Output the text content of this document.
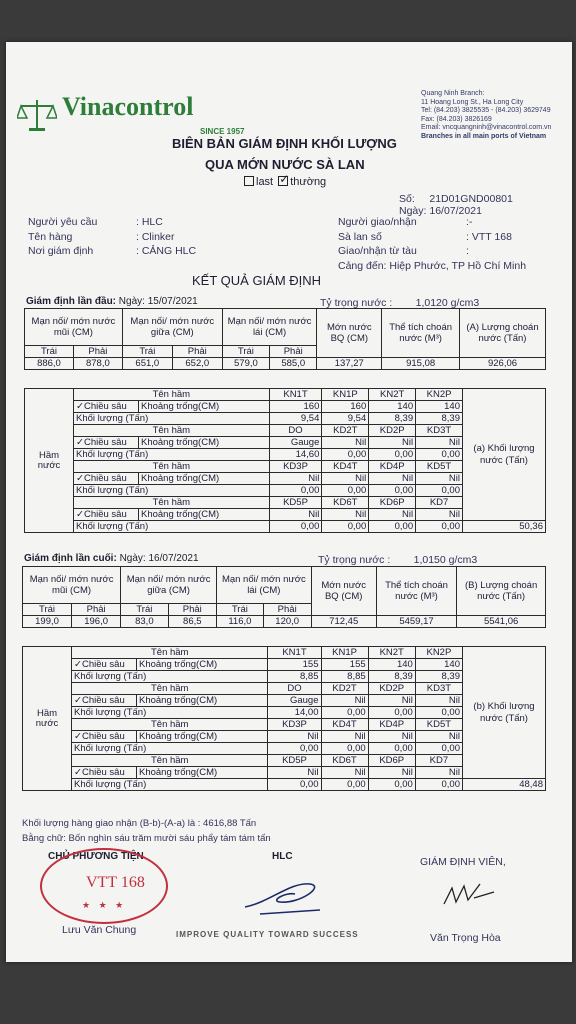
Vinacontrol
SINCE 1957
Quang Ninh Branch:
11 Hoang Long St., Ha Long City
Tel: (84.203) 3825535 - (84.203) 3629749
Fax: (84.203) 3826169
Email: vncquangninh@vinacontrol.com.vn
Branches in all main ports of Vietnam
BIÊN BẢN GIÁM ĐỊNH KHỐI LƯỢNG
QUA MỚN NƯỚC SÀ LAN
last ✓ thường
Số: 21D01GND00801
Ngày: 16/07/2021
Người yêu cầu	: HLC
Tên hàng	: Clinker
Nơi giám định	: CẢNG HLC
Người giao/nhận	:-
Sà lan số	: VTT 168
Giao/nhận từ tàu	:
Cảng đến: Hiệp Phước, TP Hồ Chí Minh
KẾT QUẢ GIÁM ĐỊNH
Giám định lần đầu: Ngày: 15/07/2021	Tỷ trọng nước : 1,0120 g/cm3
Mạn nối/ mớn nước mũi (CM)		Mạn nối/ mớn nước giữa (CM)		Mạn nối/ mớn nước lái (CM)		Mớn nước BQ (CM)	Thể tích choán nước (M³)	(A) Lượng choán nước (Tấn)
Trái	Phải	Trái	Phải	Trái	Phải			
886,0	878,0	651,0	652,0	579,0	585,0	137,27	915,08	926,06
Hầm nước	Tên hầm		KN1T	KN1P	KN2T	KN2P	(a) Khối lượng nước (Tấn)
	✓Chiều sâu	Khoảng trống(CM)	160	160	140	140	
	Khối lượng (Tấn)		9,54	9,54	8,39	8,39	
	Tên hầm		DO	KD2T	KD2P	KD3T	
	✓Chiều sâu	Khoảng trống(CM)	Gauge	Nil	Nil	Nil	
	Khối lượng (Tấn)		14,60	0,00	0,00	0,00	
	Tên hầm		KD3P	KD4T	KD4P	KD5T	
	✓Chiều sâu	Khoảng trống(CM)	Nil	Nil	Nil	Nil	
	Khối lượng (Tấn)		0,00	0,00	0,00	0,00	
	Tên hầm		KD5P	KD6T	KD6P	KD7	
	✓Chiều sâu	Khoảng trống(CM)	Nil	Nil	Nil	Nil	
	Khối lượng (Tấn)		0,00	0,00	0,00	0,00	50,36
Giám định lần cuối: Ngày: 16/07/2021	Tỷ trọng nước : 1,0150 g/cm3
Mạn nối/ mớn nước mũi (CM)		Mạn nối/ mớn nước giữa (CM)		Mạn nối/ mớn nước lái (CM)		Mớn nước BQ (CM)	Thể tích choán nước (M³)	(B) Lượng choán nước (Tấn)
Trái	Phải	Trái	Phải	Trái	Phải			
199,0	196,0	83,0	86,5	116,0	120,0	712,45	5459,17	5541,06
Hầm nước	Tên hầm		KN1T	KN1P	KN2T	KN2P	(b) Khối lượng nước (Tấn)
	✓Chiều sâu	Khoảng trống(CM)	155	155	140	140	
	Khối lượng (Tấn)		8,85	8,85	8,39	8,39	
	Tên hầm		DO	KD2T	KD2P	KD3T	
	✓Chiều sâu	Khoảng trống(CM)	Gauge	Nil	Nil	Nil	
	Khối lượng (Tấn)		14,00	0,00	0,00	0,00	
	Tên hầm		KD3P	KD4T	KD4P	KD5T	
	✓Chiều sâu	Khoảng trống(CM)	Nil	Nil	Nil	Nil	
	Khối lượng (Tấn)		0,00	0,00	0,00	0,00	
	Tên hầm		KD5P	KD6T	KD6P	KD7	
	✓Chiều sâu	Khoảng trống(CM)	Nil	Nil	Nil	Nil	
	Khối lượng (Tấn)		0,00	0,00	0,00	0,00	48,48
Khối lượng hàng giao nhận (B-b)-(A-a) là : 4616,88 Tấn
Bằng chữ: Bốn nghìn sáu trăm mười sáu phẩy tám tám tấn
CHỦ PHƯƠNG TIỆN	HLC	GIÁM ĐỊNH VIÊN,
VTT 168
★ ★ ★
Lưu Văn Chung	IMPROVE QUALITY TOWARD SUCCESS	Văn Trọng Hòa
